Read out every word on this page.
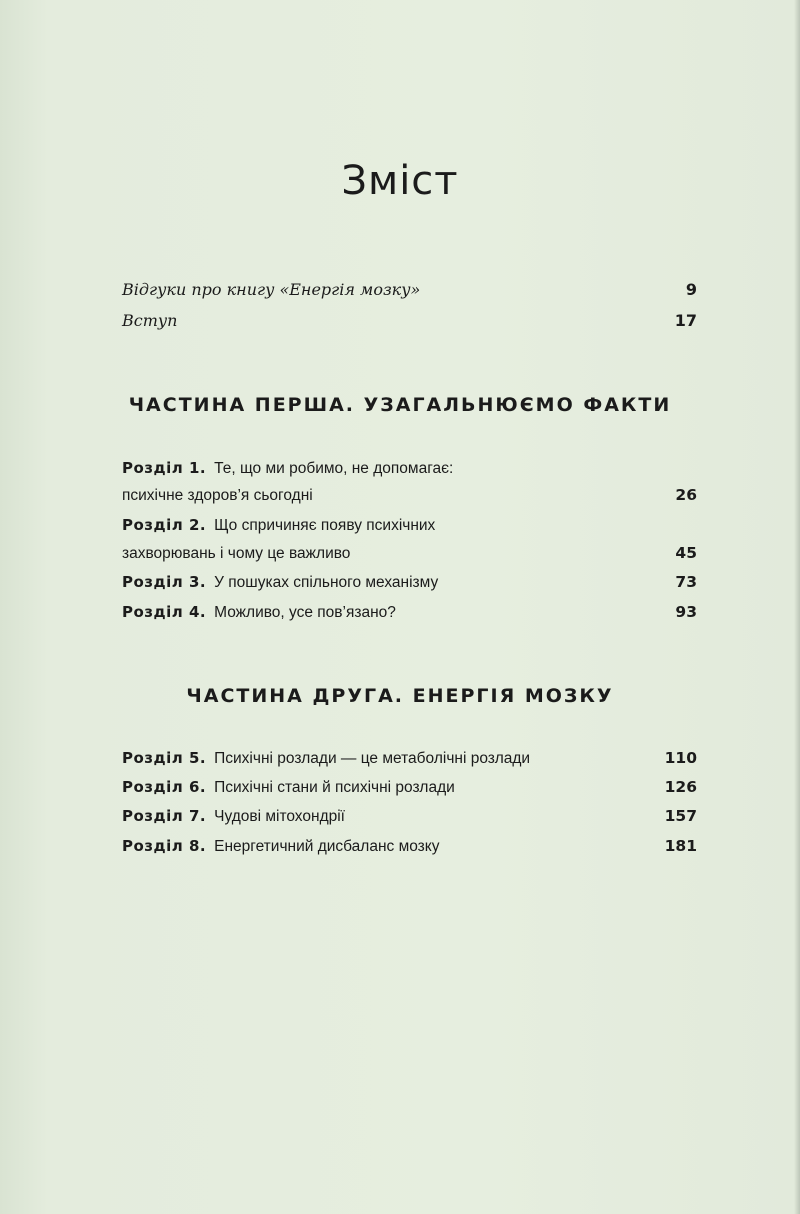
Зміст
Відгуки про книгу «Енергія мозку»	9
Вступ	17
ЧАСТИНА ПЕРША. УЗАГАЛЬНЮЄМО ФАКТИ
Розділ 1. Те, що ми робимо, не допомагає:
психічне здоров’я сьогодні	26
Розділ 2. Що спричиняє появу психічних
захворювань і чому це важливо	45
Розділ 3. У пошуках спільного механізму	73
Розділ 4. Можливо, усе пов’язано?	93
ЧАСТИНА ДРУГА. ЕНЕРГІЯ МОЗКУ
Розділ 5. Психічні розлади — це метаболічні розлади	110
Розділ 6. Психічні стани й психічні розлади	126
Розділ 7. Чудові мітохондрії	157
Розділ 8. Енергетичний дисбаланс мозку	181
